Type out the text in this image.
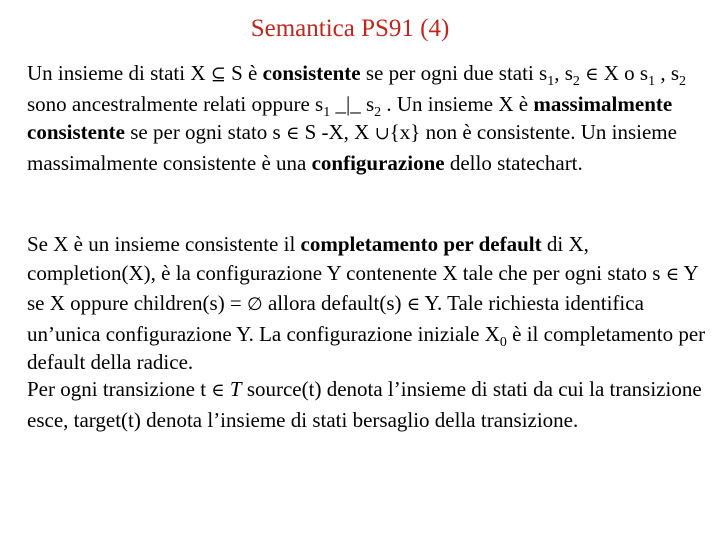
Semantica PS91 (4)
Un insieme di stati X ⊆ S è consistente se per ogni due stati $s_1$, $s_2$ ∈ X o $s_1$ , $s_2$ sono ancestralmente relati oppure $s_1$ _|_ $s_2$ . Un insieme X è massimalmente consistente se per ogni stato s ∈ S -X, X ∪{x} non è consistente. Un insieme massimalmente consistente è una configurazione dello statechart.
Se X è un insieme consistente il completamento per default di X, completion(X), è la configurazione Y contenente X tale che per ogni stato s ∈ Y se X oppure children(s) = ∅ allora default(s) ∈ Y. Tale richiesta identifica un’unica configurazione Y. La configurazione iniziale $X_0$ è il completamento per default della radice.
Per ogni transizione t ∈ T source(t) denota l’insieme di stati da cui la transizione esce, target(t) denota l’insieme di stati bersaglio della transizione.
